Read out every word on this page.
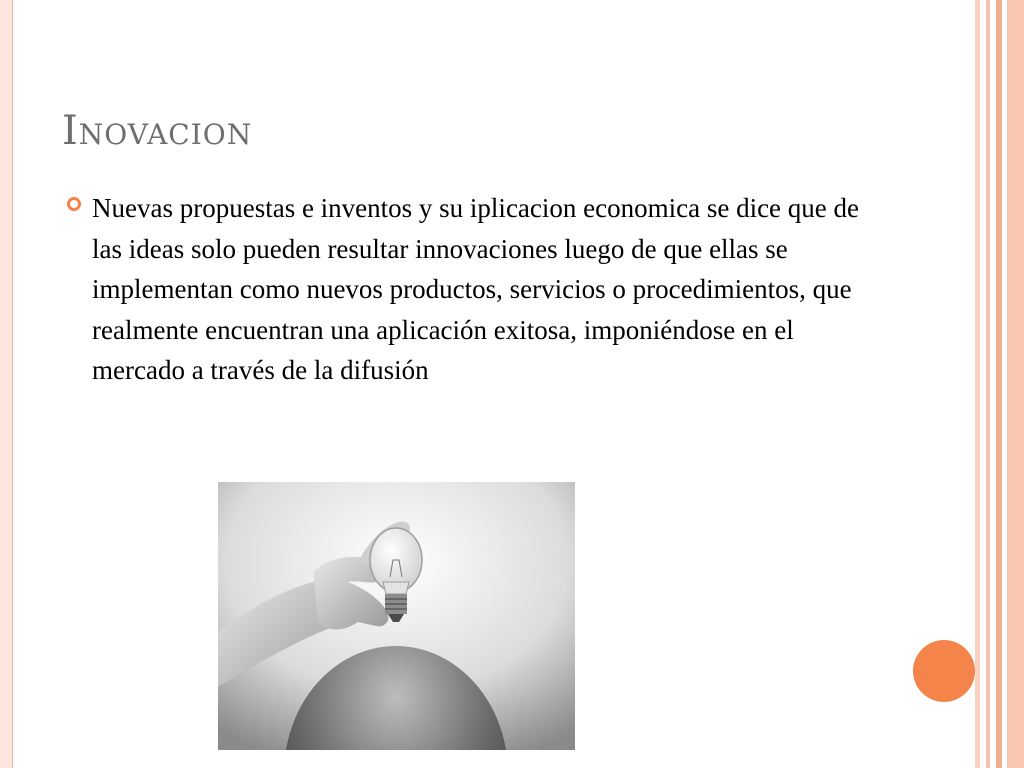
Inovacion

Nuevas propuestas e inventos y su iplicacion economica se dice que de las ideas solo pueden resultar innovaciones luego de que ellas se implementan como nuevos productos, servicios o procedimientos, que realmente encuentran una aplicación exitosa, imponiéndose en el mercado a través de la difusión
